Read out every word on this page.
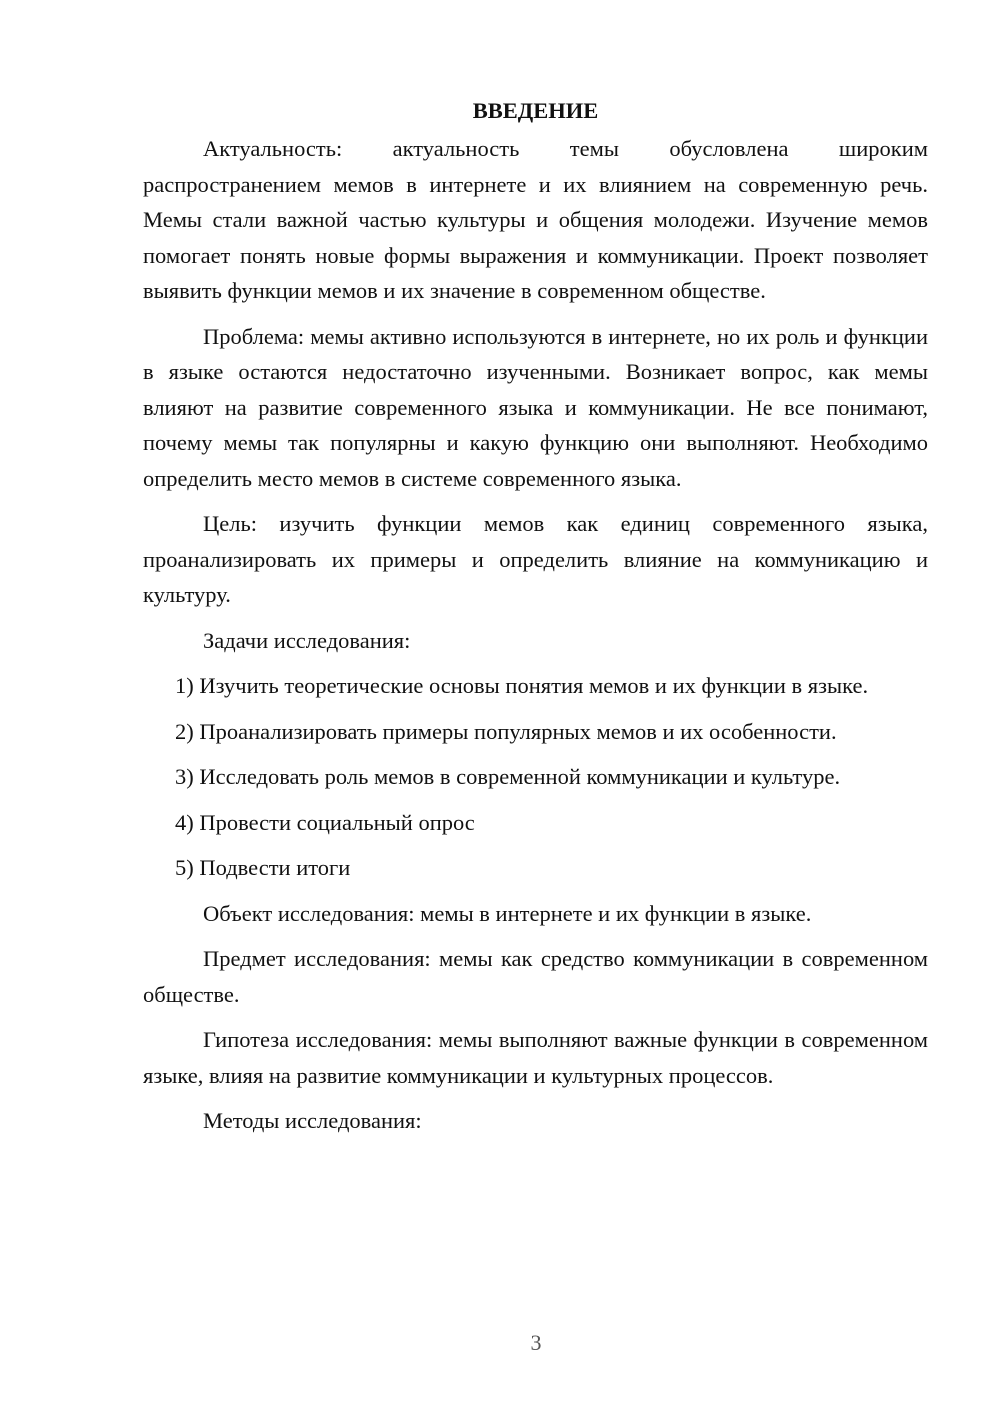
ВВЕДЕНИЕ

Актуальность: актуальность темы обусловлена широким распространением мемов в интернете и их влиянием на современную речь. Мемы стали важной частью культуры и общения молодежи. Изучение мемов помогает понять новые формы выражения и коммуникации. Проект позволяет выявить функции мемов и их значение в современном обществе.

Проблема: мемы активно используются в интернете, но их роль и функции в языке остаются недостаточно изученными. Возникает вопрос, как мемы влияют на развитие современного языка и коммуникации. Не все понимают, почему мемы так популярны и какую функцию они выполняют. Необходимо определить место мемов в системе современного языка.

Цель: изучить функции мемов как единиц современного языка, проанализировать их примеры и определить влияние на коммуникацию и культуру.

Задачи исследования:

1) Изучить теоретические основы понятия мемов и их функции в языке.

2) Проанализировать примеры популярных мемов и их особенности.

3) Исследовать роль мемов в современной коммуникации и культуре.

4) Провести социальный опрос

5) Подвести итоги

Объект исследования: мемы в интернете и их функции в языке.

Предмет исследования: мемы как средство коммуникации в современном обществе.

Гипотеза исследования: мемы выполняют важные функции в современном языке, влияя на развитие коммуникации и культурных процессов.

Методы исследования:

3
